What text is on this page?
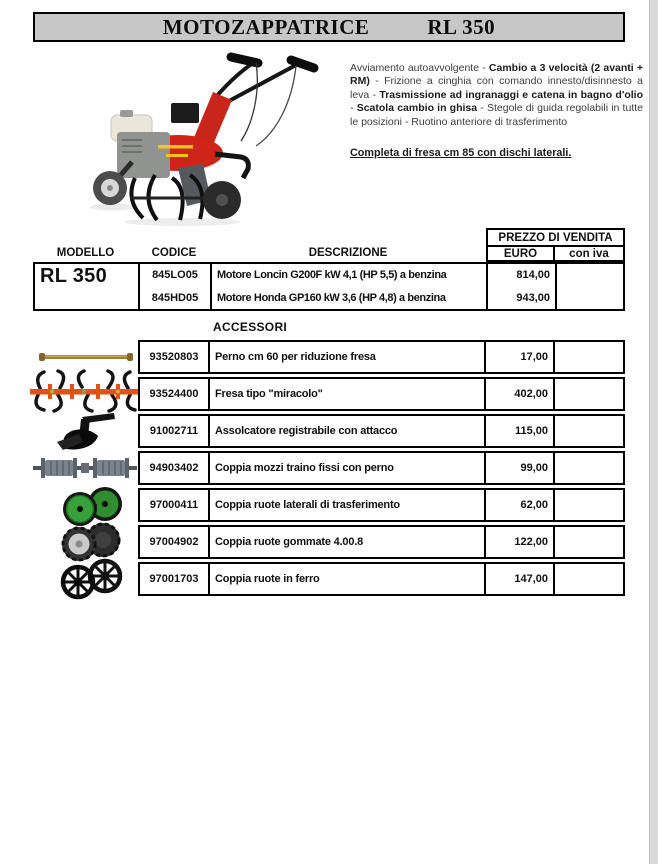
MOTOZAPPATRICE	RL 350
Avviamento autoavvolgente - Cambio a 3 velocità (2 avanti + RM) - Frizione a cinghia con comando innesto/disinnesto a leva - Trasmissione ad ingranaggi e catena in bagno d'olio - Scatola cambio in ghisa - Stegole di guida regolabili in tutte le posizioni - Ruotino anteriore di trasferimento
Completa di fresa cm 85 con dischi laterali.
PREZZO DI VENDITA
EURO	con iva
MODELLO	CODICE	DESCRIZIONE
RL 350	845LO05	Motore Loncin G200F kW 4,1 (HP 5,5) a benzina	814,00
845HD05	Motore Honda GP160 kW 3,6 (HP 4,8) a benzina	943,00
ACCESSORI
93520803	Perno cm 60 per riduzione fresa	17,00
93524400	Fresa tipo "miracolo"	402,00
91002711	Assolcatore registrabile con attacco	115,00
94903402	Coppia mozzi traino fissi con perno	99,00
97000411	Coppia ruote laterali di trasferimento	62,00
97004902	Coppia ruote gommate 4.00.8	122,00
97001703	Coppia ruote in ferro	147,00
